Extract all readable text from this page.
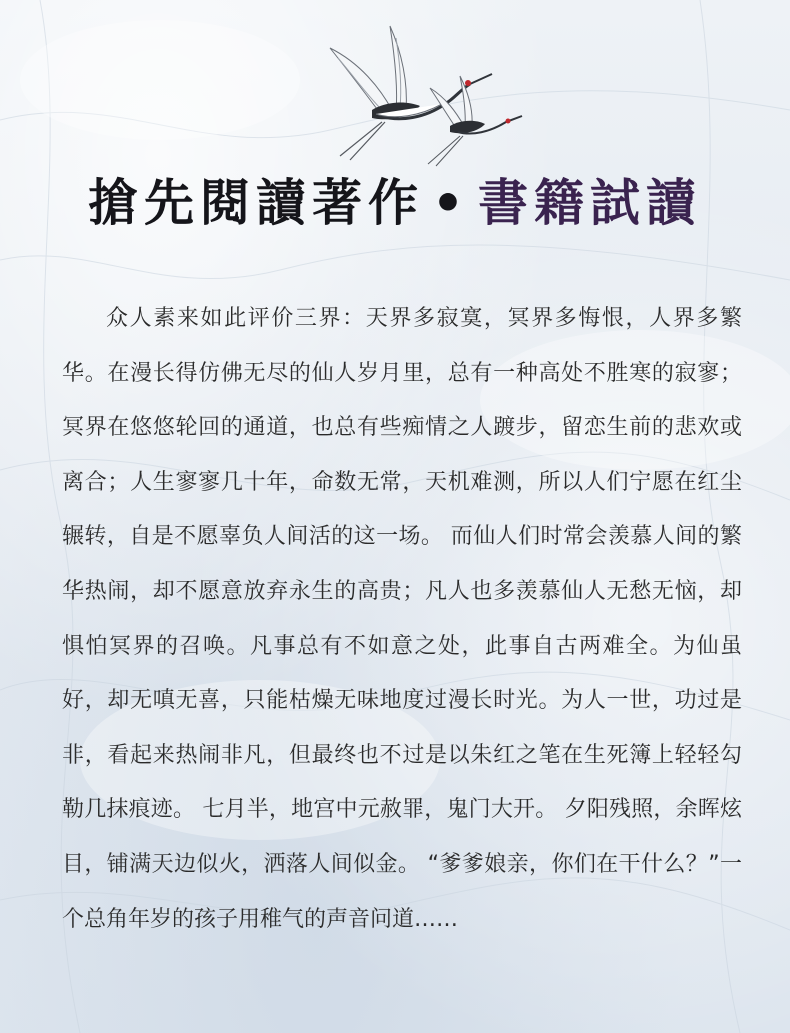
搶先閱讀著作 • 書籍試讀

众人素来如此评价三界：天界多寂寞，冥界多悔恨，人界多繁华。在漫长得仿佛无尽的仙人岁月里，总有一种高处不胜寒的寂寥；冥界在悠悠轮回的通道，也总有些痴情之人踱步，留恋生前的悲欢或离合；人生寥寥几十年，命数无常，天机难测，所以人们宁愿在红尘辗转，自是不愿辜负人间活的这一场。 而仙人们时常会羡慕人间的繁华热闹，却不愿意放弃永生的高贵；凡人也多羡慕仙人无愁无恼，却惧怕冥界的召唤。凡事总有不如意之处，此事自古两难全。为仙虽好，却无嗔无喜，只能枯燥无味地度过漫长时光。为人一世，功过是非，看起来热闹非凡，但最终也不过是以朱红之笔在生死簿上轻轻勾勒几抹痕迹。 七月半，地宫中元赦罪，鬼门大开。 夕阳残照，余晖炫目，铺满天边似火，洒落人间似金。 “爹爹娘亲，你们在干什么？”一个总角年岁的孩子用稚气的声音问道……
